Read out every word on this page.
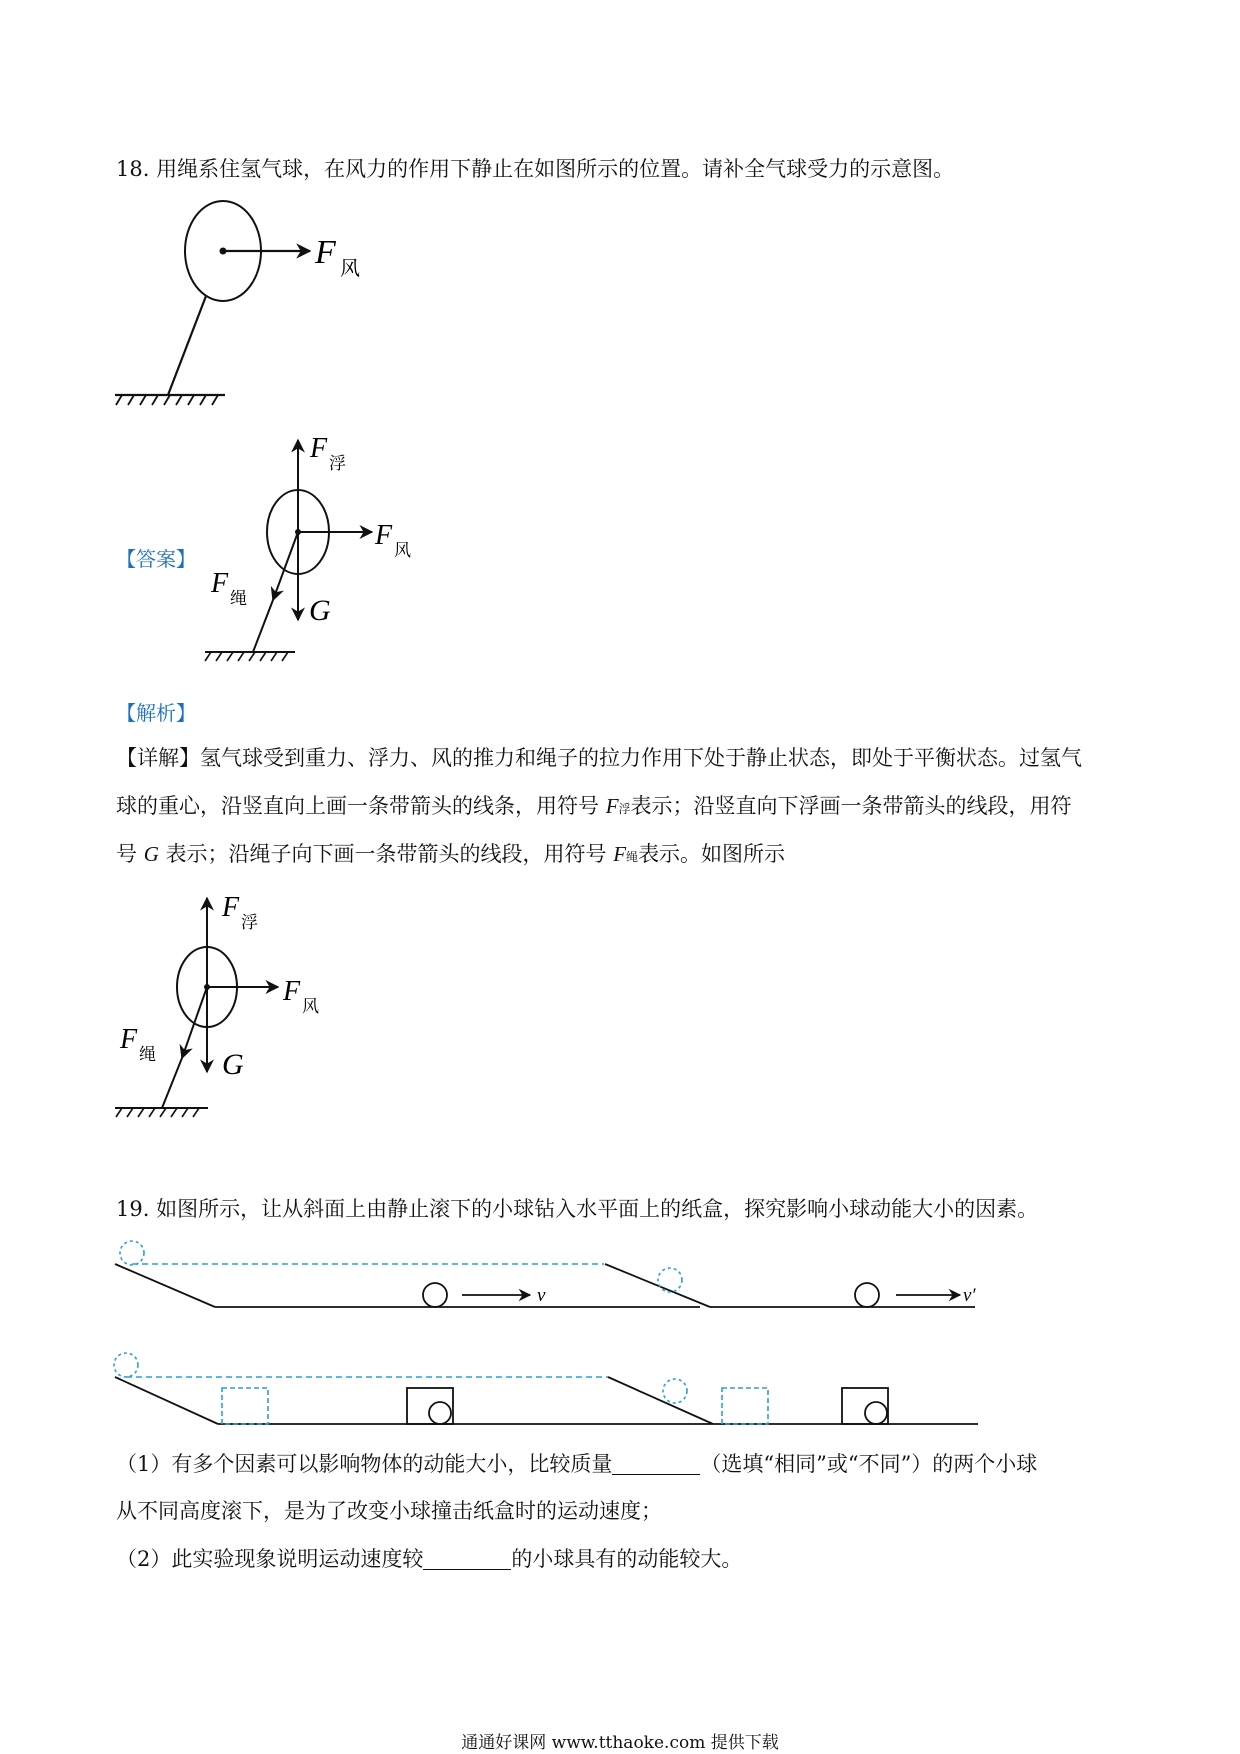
18. 用绳系住氢气球，在风力的作用下静止在如图所示的位置。请补全气球受力的示意图。
F 风
【答案】
F 浮
F 风
F 绳 G
【解析】
【详解】氢气球受到重力、浮力、风的推力和绳子的拉力作用下处于静止状态，即处于平衡状态。过氢气
球的重心，沿竖直向上画一条带箭头的线条，用符号 F浮表示；沿竖直向下浮画一条带箭头的线段，用符
号 G 表示；沿绳子向下画一条带箭头的线段，用符号 F绳表示。如图所示
F 浮
F 风
F 绳 G
19. 如图所示，让从斜面上由静止滚下的小球钻入水平面上的纸盒，探究影响小球动能大小的因素。
v	v′
（1）有多个因素可以影响物体的动能大小，比较质量	（选填“相同”或“不同”）的两个小球
从不同高度滚下，是为了改变小球撞击纸盒时的运动速度；
（2）此实验现象说明运动速度较	的小球具有的动能较大。
通通好课网 www.tthaoke.com 提供下载
